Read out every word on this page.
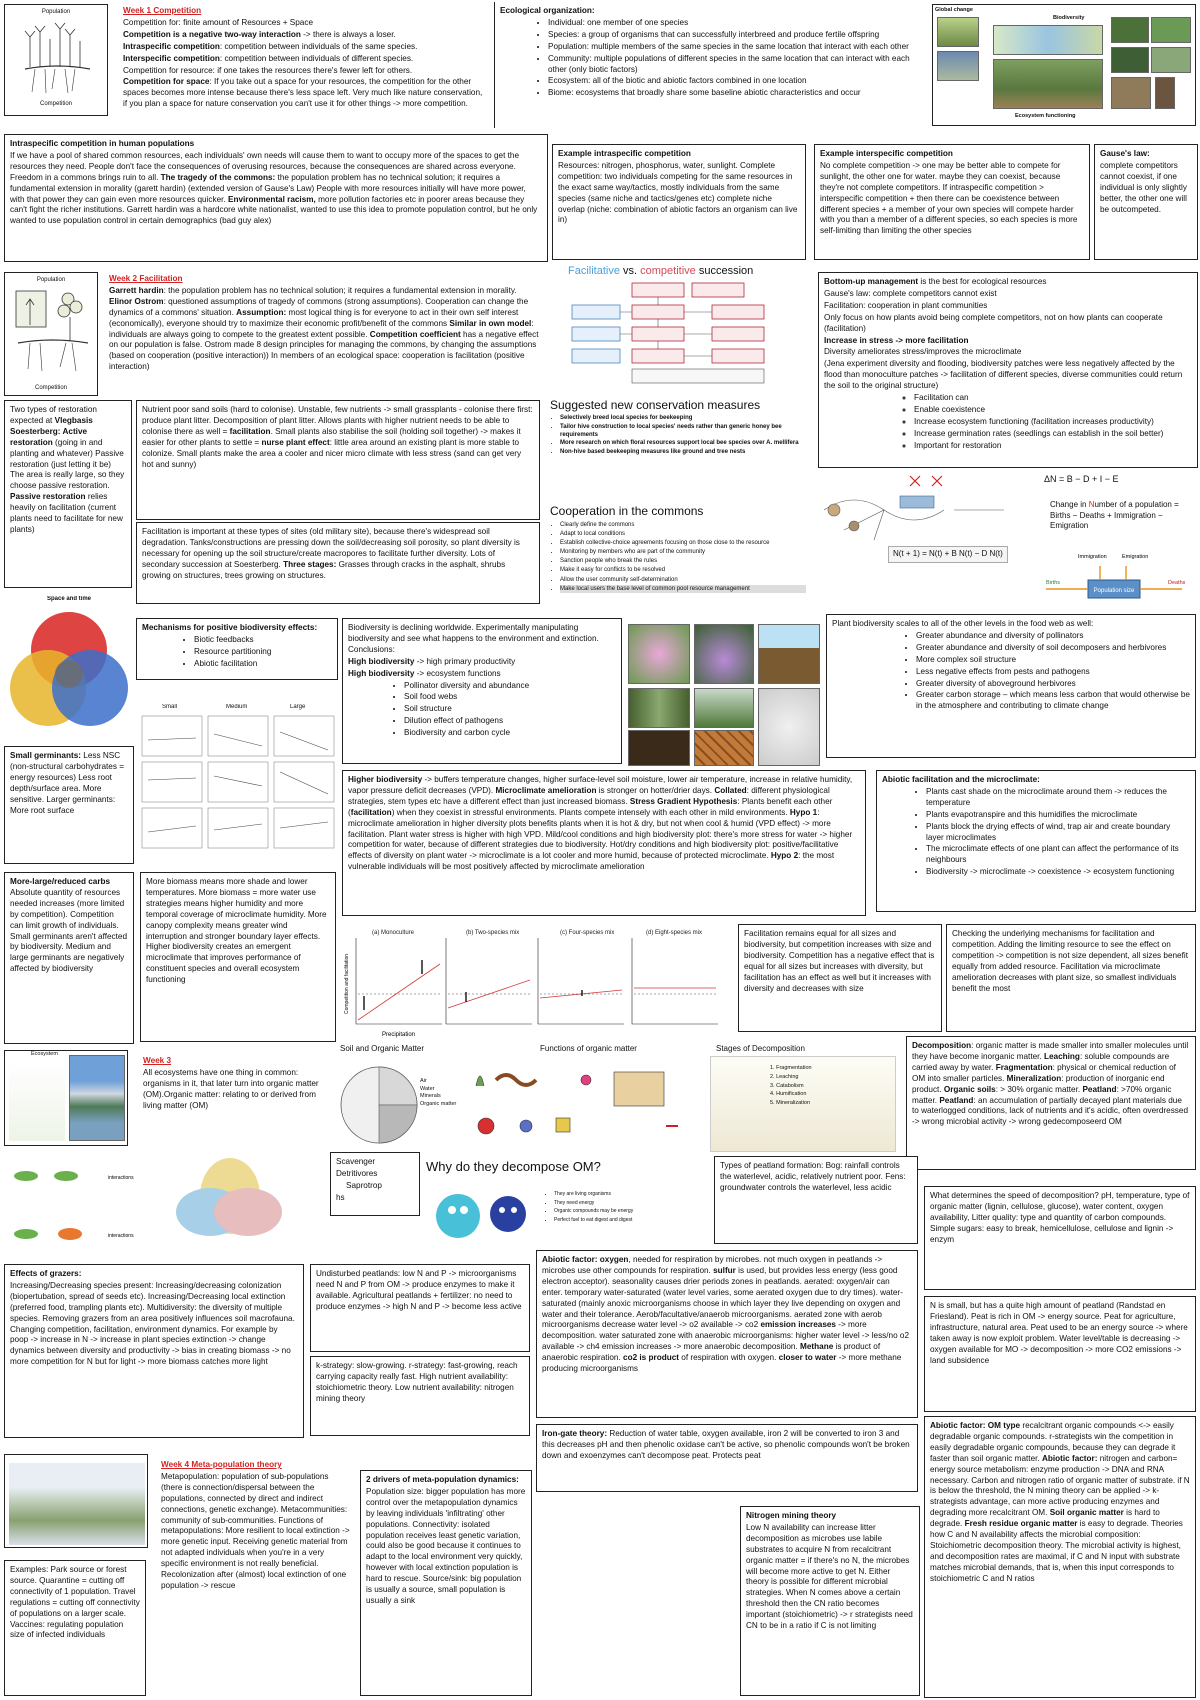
Population
Competition

Week 1 Competition

Competition for: finite amount of Resources + Space

Competition is a negative two-way interaction -> there is always a loser.

Intraspecific competition: competition between individuals of the same species.

Interspecific competition: competition between individuals of different species.

Competition for resource: if one takes the resources there's fewer left for others.

Competition for space: If you take out a space for your resources, the competition for the other spaces becomes more intense because there's less space left. Very much like nature conservation, if you plan a space for nature conservation you can't use it for other things -> more competition.

Ecological organization:

• Individual: one member of one species
• Species: a group of organisms that can successfully interbreed and produce fertile offspring
• Population: multiple members of the same species in the same location that interact with each other
• Community: multiple populations of different species in the same location that can interact with each other (only biotic factors)
• Ecosystem: all of the biotic and abiotic factors combined in one location
• Biome: ecosystems that broadly share some baseline abiotic characteristics and occur
Global change
Biodiversity
Ecosystem functioning

Intraspecific competition in human populations

If we have a pool of shared common resources, each individuals' own needs will cause them to want to occupy more of the spaces to get the resources they need. People don't face the consequences of overusing resources, because the consequences are shared across everyone. Freedom in a commons brings ruin to all. The tragedy of the commons: the population problem has no technical solution; it requires a fundamental extension in morality (garett hardin) (extended version of Gause's Law) People with more resources initially will have more power, with that power they can gain even more resources quicker. Environmental racism, more pollution factories etc in poorer areas because they can't fight the richer institutions. Garrett hardin was a hardcore white nationalist, wanted to use this idea to promote population control, but he only wanted to use population control in certain demographics (bad guy alex)

Example intraspecific competition

Resources: nitrogen, phosphorus, water, sunlight. Complete competition: two individuals competing for the same resources in the exact same way/tactics, mostly individuals from the same species (same niche and tactics/genes etc) complete niche overlap (niche: combination of abiotic factors an organism can live in)

Example interspecific competition

No complete competition -> one may be better able to compete for sunlight, the other one for water. maybe they can coexist, because they're not complete competitors. If intraspecific competition > interspecific competition + then there can be coexistence between different species + a member of your own species will compete harder with you than a member of a different species, so each species is more self-limiting than limiting the other species

Gause's law:

complete competitors cannot coexist, if one individual is only slightly better, the other one will be outcompeted.

Population
Competition

Week 2 Facilitation

Garrett hardin: the population problem has no technical solution; it requires a fundamental extension in morality. Elinor Ostrom: questioned assumptions of tragedy of commons (strong assumptions). Cooperation can change the dynamics of a commons' situation. Assumption: most logical thing is for everyone to act in their own self interest (economically), everyone should try to maximize their economic profit/benefit of the commons Similar in own model: individuals are always going to compete to the greatest extent possible. Competition coefficient has a negative effect on our population is false. Ostrom made 8 design principles for managing the commons, by changing the assumptions (based on cooperation (positive interaction)) In members of an ecological space: cooperation is facilitation (positive interaction)

Facilitative vs. competitive succession

Bottom-up management is the best for ecological resources

Gause's law: complete competitors cannot exist

Facilitation: cooperation in plant communities

Only focus on how plants avoid being complete competitors, not on how plants can cooperate (facilitation)

Increase in stress -> more facilitation

Diversity ameliorates stress/improves the microclimate

(Jena experiment diversity and flooding, biodiversity patches were less negatively affected by the flood than monoculture patches -> facilitation of different species, diverse communities could return the soil to the original structure)

◦ Facilitation can
◦ Enable coexistence
◦ Increase ecosystem functioning (facilitation increases productivity)
◦ Increase germination rates (seedlings can establish in the soil better)
◦ Important for restoration

Two types of restoration expected at Vlegbasis Soesterberg: Active restoration (going in and planting and whatever) Passive restoration (just letting it be) The area is really large, so they choose passive restoration. Passive restoration relies heavily on facilitation (current plants need to facilitate for new plants)

Nutrient poor sand soils (hard to colonise). Unstable, few nutrients -> small grassplants - colonise there first: produce plant litter. Decomposition of plant litter. Allows plants with higher nutrient needs to be able to colonise there as well = facilitation. Small plants also stabilise the soil (holding soil together) -> makes it easier for other plants to settle = nurse plant effect: little area around an existing plant is more stable to colonize. Small plants make the area a cooler and nicer micro climate with less stress (sand can get very hot and sunny)

Suggested new conservation measures

• Selectively breed local species for beekeeping
• Tailor hive construction to local species' needs rather than generic honey bee requirements
• More research on which floral resources support local bee species over A. mellifera
• Non-hive based beekeeping measures like ground and tree nests

Cooperation in the commons

• Clearly define the commons
• Adapt to local conditions
• Establish collective-choice agreements focusing on those close to the resource
• Monitoring by members who are part of the community
• Sanction people who break the rules
• Make it easy for conflicts to be resolved
• Allow the user community self-determination
• Make local users the base level of common pool resource management
ΔN = B − D + I − E
Change in Number of a population = Births − Deaths + Immigration − Emigration
N(t + 1) = N(t) + B N(t) − D N(t)
Population size
Immigration	Emigration
Births	Deaths

Facilitation is important at these types of sites (old military site), because there's widespread soil degradation. Tanks/constructions are pressing down the soil/decreasing soil porosity, so plant diversity is necessary for opening up the soil structure/create macropores to facilitate further diversity. Lots of secondary succession at Soesterberg. Three stages: Grasses through cracks in the asphalt, shrubs growing on structures, trees growing on structures.

Space and time

Mechanisms for positive biodiversity effects:

• Biotic feedbacks
• Resource partitioning
• Abiotic facilitation
Small	Medium	Large

Biodiversity is declining worldwide. Experimentally manipulating biodiversity and see what happens to the environment and extinction. Conclusions:

High biodiversity -> high primary productivity

High biodiversity -> ecosystem functions

• Pollinator diversity and abundance
• Soil food webs
• Soil structure
• Dilution effect of pathogens
• Biodiversity and carbon cycle

Plant biodiversity scales to all of the other levels in the food web as well:

• Greater abundance and diversity of pollinators
• Greater abundance and diversity of soil decomposers and herbivores
• More complex soil structure
• Less negative effects from pests and pathogens
• Greater diversity of aboveground herbivores
• Greater carbon storage – which means less carbon that would otherwise be in the atmosphere and contributing to climate change

Small germinants: Less NSC (non-structural carbohydrates = energy resources) Less root depth/surface area. More sensitive. Larger germinants: More root surface

Higher biodiversity -> buffers temperature changes, higher surface-level soil moisture, lower air temperature, increase in relative humidity, vapor pressure deficit decreases (VPD). Microclimate amelioration is stronger on hotter/drier days. Collated: different physiological strategies, stem types etc have a different effect than just increased biomass. Stress Gradient Hypothesis: Plants benefit each other (facilitation) when they coexist in stressful environments. Plants compete intensely with each other in mild environments. Hypo 1: microclimate amelioration in higher diversity plots benefits plants when it is hot & dry, but not when cool & humid (VPD effect) -> more facilitation. Plant water stress is higher with high VPD. Mild/cool conditions and high biodiversity plot: there's more stress for water -> higher competition for water, because of different strategies due to biodiversity. Hot/dry conditions and high biodiversity plot: positive/facilitative effects of diversity on plant water -> microclimate is a lot cooler and more humid, because of protected microclimate. Hypo 2: the most vulnerable individuals will be most positively affected by microclimate amelioration

Abiotic facilitation and the microclimate:

• Plants cast shade on the microclimate around them -> reduces the temperature
• Plants evapotranspire and this humidifies the microclimate
• Plants block the drying effects of wind, trap air and create boundary layer microclimates
• The microclimate effects of one plant can affect the performance of its neighbours
• Biodiversity -> microclimate -> coexistence -> ecosystem functioning

More-large/reduced carbs Absolute quantity of resources needed increases (more limited by competition). Competition can limit growth of individuals. Small germinants aren't affected by biodiversity. Medium and large germinants are negatively affected by biodiversity

More biomass means more shade and lower temperatures. More biomass = more water use strategies means higher humidity and more temporal coverage of microclimate humidity. More canopy complexity means greater wind interruption and stronger boundary layer effects. Higher biodiversity creates an emergent microclimate that improves performance of constituent species and overall ecosystem functioning

(a) Monoculture	(b) Two-species mix	(c) Four-species mix	(d) Eight-species mix
Precipitation
Competition and facilitation

Facilitation remains equal for all sizes and biodiversity, but competition increases with size and biodiversity. Competition has a negative effect that is equal for all sizes but increases with diversity, but facilitation has an effect as well but it increases with diversity and decreases with size

Checking the underlying mechanisms for facilitation and competition. Adding the limiting resource to see the effect on competition -> competition is not size dependent, all sizes benefit equally from added resource. Facilitation via microclimate amelioration decreases with plant size, so smallest individuals benefit the most

Ecosystem

Week 3

All ecosystems have one thing in common: organisms in it, that later turn into organic matter (OM).Organic matter: relating to or derived from living matter (OM)

Soil and Organic Matter	Functions of organic matter	Stages of Decomposition
Air
Water
Minerals
Organic matter
1. Fragmentation
2. Leaching
3. Catabolism
4. Humification
5. Mineralization

Decomposition: organic matter is made smaller into smaller molecules until they have become inorganic matter. Leaching: soluble compounds are carried away by water. Fragmentation: physical or chemical reduction of OM into smaller particles. Mineralization: production of inorganic end product. Organic soils: > 30% organic matter. Peatland: >70% organic matter. Peatland: an accumulation of partially decayed plant materials due to waterlogged conditions, lack of nutrients and it's acidic, often overdressed -> wrong microbial activity -> wrong gedecomposeerd OM

interactions
interactions

Scavenger

Detritivores

Saprotrop

hs

Why do they decompose OM?
• They are living organisms
• They need energy
• Organic compounds may be energy
• Perfect fuel to eat digest and digest

Types of peatland formation: Bog: rainfall controls the waterlevel, acidic, relatively nutrient poor. Fens: groundwater controls the waterlevel, less acidic

What determines the speed of decomposition? pH, temperature, type of organic matter (lignin, cellulose, glucose), water content, oxygen availability, Litter quality: type and quantity of carbon compounds. Simple sugars: easy to break, hemicellulose, cellulose and lignin -> enzym

Effects of grazers:

Increasing/Decreasing species present: Increasing/decreasing colonization (biopertubation, spread of seeds etc). Increasing/Decreasing local extinction (preferred food, trampling plants etc). Multidiversity: the diversity of multiple species. Removing grazers from an area positively influences soil macrofauna. Changing competition, facilitation, environment dynamics. For example by poop -> increase in N -> increase in plant species extinction -> change dynamics between diversity and productivity -> bias in creating biomass -> no more competition for N but for light -> more biomass catches more light

Undisturbed peatlands: low N and P -> microorganisms need N and P from OM -> produce enzymes to make it available. Agricultural peatlands + fertilizer: no need to produce enzymes -> high N and P -> become less active

Abiotic factor: oxygen, needed for respiration by microbes. not much oxygen in peatlands -> microbes use other compounds for respiration. sulfur is used, but provides less energy (less good electron acceptor). seasonality causes drier periods zones in peatlands. aerated: oxygen/air can enter. temporary water-saturated (water level varies, some aerated oxygen due to dry times). water-saturated (mainly anoxic microorganisms choose in which layer they live depending on oxygen and water and their tolerance. Aerob/facultative/anaerob microorganisms. aerated zone with aerob microorganisms decrease water level -> o2 available -> co2 emission increases -> more decomposition. water saturated zone with anaerobic microorganisms: higher water level -> less/no o2 available -> ch4 emission increases -> more anaerobic decomposition. Methane is product of anaerobic respiration. co2 is product of respiration with oxygen. closer to water -> more methane producing microorganisms

N is small, but has a quite high amount of peatland (Randstad en Friesland). Peat is rich in OM -> energy source. Peat for agriculture, infrastructure, natural area. Peat used to be an energy source -> where taken away is now exploit problem. Water level/table is decreasing -> oxygen available for MO -> decomposition -> more CO2 emissions -> land subsidence

k-strategy: slow-growing. r-strategy: fast-growing, reach carrying capacity really fast. High nutrient availability: stoichiometric theory. Low nutrient availability: nitrogen mining theory

Iron-gate theory: Reduction of water table, oxygen available, iron 2 will be converted to iron 3 and this decreases pH and then phenolic oxidase can't be active, so phenolic compounds won't be broken down and exoenzymes can't decompose peat. Protects peat

Abiotic factor: OM type recalcitrant organic compounds <-> easily degradable organic compounds. r-strategists win the competition in easily degradable organic compounds, because they can degrade it faster than soil organic matter. Abiotic factor: nitrogen and carbon= energy source metabolism: enzyme production -> DNA and RNA necessary. Carbon and nitrogen ratio of organic matter of substrate. if N is below the threshold, the N mining theory can be applied -> k-strategists advantage, can more active producing enzymes and degrading more recalcitrant OM. Soil organic matter is hard to degrade. Fresh residue organic matter is easy to degrade. Theories how C and N availability affects the microbial composition: Stoichiometric decomposition theory. The microbial activity is highest, and decomposition rates are maximal, if C and N input with substrate matches microbial demands, that is, when this input corresponds to stoichiometric C and N ratios

Week 4 Meta-population theory

Metapopulation: population of sub-populations (there is connection/dispersal between the populations, connected by direct and indirect connections, genetic exchange). Metacommunities: community of sub-communities. Functions of metapopulations: More resilient to local extinction -> more genetic input. Receiving genetic material from not adapted individuals when you're in a very specific environment is not really beneficial. Recolonization after (almost) local extinction of one population -> rescue

2 drivers of meta-population dynamics:

Population size: bigger population has more control over the metapopulation dynamics by leaving individuals 'infiltrating' other populations. Connectivity: isolated population receives least genetic variation, could also be good because it continues to adapt to the local environment very quickly, however with local extinction population is hard to rescue. Source/sink: big population is usually a source, small population is usually a sink

Nitrogen mining theory

Low N availability can increase litter decomposition as microbes use labile substrates to acquire N from recalcitrant organic matter = if there's no N, the microbes will become more active to get N. Either theory is possible for different microbial strategies. When N comes above a certain threshold then the CN ratio becomes important (stoichiometric) -> r strategists need CN to be in a ratio if C is not limiting

Examples: Park source or forest source. Quarantine = cutting off connectivity of 1 population. Travel regulations = cutting off connectivity of populations on a larger scale. Vaccines: regulating population size of infected individuals
